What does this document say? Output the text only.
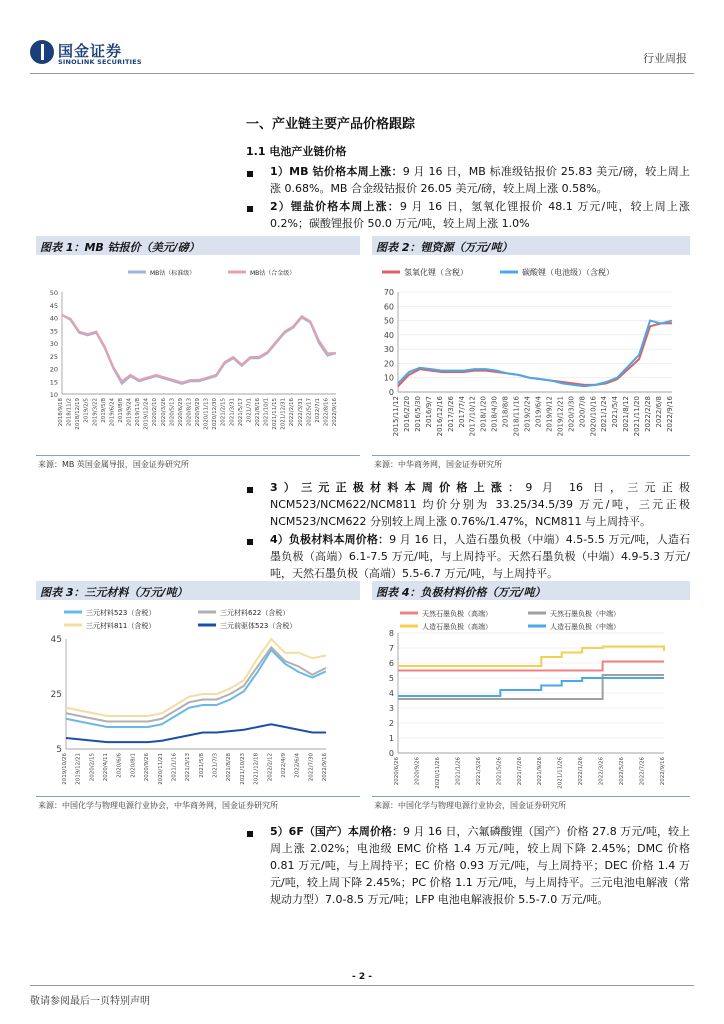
国金证券
SINOLINK SECURITIES	行业周报
一、产业链主要产品价格跟踪
1.1 电池产业链价格
1）MB 钴价格本周上涨：9 月 16 日，MB 标准级钴报价 25.83 美元/磅，较上周上涨 0.68%。MB 合金级钴报价 26.05 美元/磅，较上周上涨 0.58%。
2）锂盐价格本周上涨：9 月 16 日，氢氧化锂报价 48.1 万元/吨，较上周上涨 0.2%；碳酸锂报价 50.0 万元/吨，较上周上涨 1.0%
图表 1：MB 钴报价（美元/磅）
10
15
20
25
30
35
40
45
50
2018/9/18 2018/11/2 2018/12/19 2019/2/5 2019/3/22 2019/5/8 2019/6/24 2019/8/8 2019/9/24 2019/11/8 2019/12/24 2020/2/10 2020/3/26 2020/5/13 2020/6/29 2020/8/13 2020/9/29 2020/11/13 2020/12/30 2021/2/15 2021/3/31 2021/5/17 2021/7/1 2021/8/16 2021/10/1 2021/11/15 2021/12/31 2022/2/16 2022/3/31 2022/5/17 2022/7/1 2022/8/16 2022/9/16
MB钴（标准级）	MB钴（合金级）
来源：MB 英国金属导报，国金证券研究所
图表 2：锂资源（万元/吨）
0
10
20
30
40
50
60
70
2015/11/12 2016/2/20 2016/5/30 2016/9/7 2016/12/16 2017/3/26 2017/7/4 2017/10/12 2018/1/20 2018/4/30 2018/8/8 2018/11/16 2019/2/24 2019/6/4 2019/9/12 2019/12/21 2020/3/30 2020/7/8 2020/10/16 2021/1/24 2021/5/4 2021/8/12 2021/11/20 2022/2/28 2022/6/8 2022/9/16
氢氧化锂（含税）	碳酸锂（电池级）（含税）
来源：中华商务网，国金证券研究所
3）三元正极材料本周价格上涨：9 月 16 日，三元正极 NCM523/NCM622/NCM811 均价分别为 33.25/34.5/39 万元/吨，三元正极 NCM523/NCM622 分别较上周上涨 0.76%/1.47%，NCM811 与上周持平。
4）负极材料本周价格：9 月 16 日，人造石墨负极（中端）4.5-5.5 万元/吨，人造石墨负极（高端）6.1-7.5 万元/吨，与上周持平。天然石墨负极（中端）4.9-5.3 万元/吨，天然石墨负极（高端）5.5-6.7 万元/吨，与上周持平。
图表 3：三元材料（万元/吨）
5
25
45
2019/10/26 2019/12/21 2020/2/15 2020/4/11 2020/6/6 2020/8/1 2020/9/26 2020/11/21 2021/1/16 2021/3/13 2021/5/8 2021/7/3 2021/8/28 2021/10/23 2021/12/18 2022/2/12 2022/4/9 2022/6/4 2022/7/30 2022/9/16
三元材料523（含税）	三元材料622（含税）
三元材料811（含税）	三元前驱体523（含税）
来源：中国化学与物理电源行业协会，中华商务网，国金证券研究所
图表 4：负极材料价格（万元/吨）
0
1
2
3
4
5
6
7
8
2020/6/26	2020/9/26	2020/11/26	2021/1/26	2021/3/26	2021/5/26	2021/7/26	2021/9/26	2021/11/26	2022/1/26	2022/3/26	2022/5/26	2022/7/26	2022/9/16
天然石墨负极（高端）	天然石墨负极（中端）
人造石墨负极（高端）	人造石墨负极（中端）
来源：中国化学与物理电源行业协会，国金证券研究所
5）6F（国产）本周价格：9 月 16 日，六氟磷酸锂（国产）价格 27.8 万元/吨，较上周上涨 2.02%；电池级 EMC 价格 1.4 万元/吨，较上周下降 2.45%；DMC 价格 0.81 万元/吨，与上周持平；EC 价格 0.93 万元/吨，与上周持平；DEC 价格 1.4 万元/吨，较上周下降 2.45%；PC 价格 1.1 万元/吨，与上周持平。三元电池电解液（常规动力型）7.0-8.5 万元/吨；LFP 电池电解液报价 5.5-7.0 万元/吨。
- 2 -
敬请参阅最后一页特别声明
